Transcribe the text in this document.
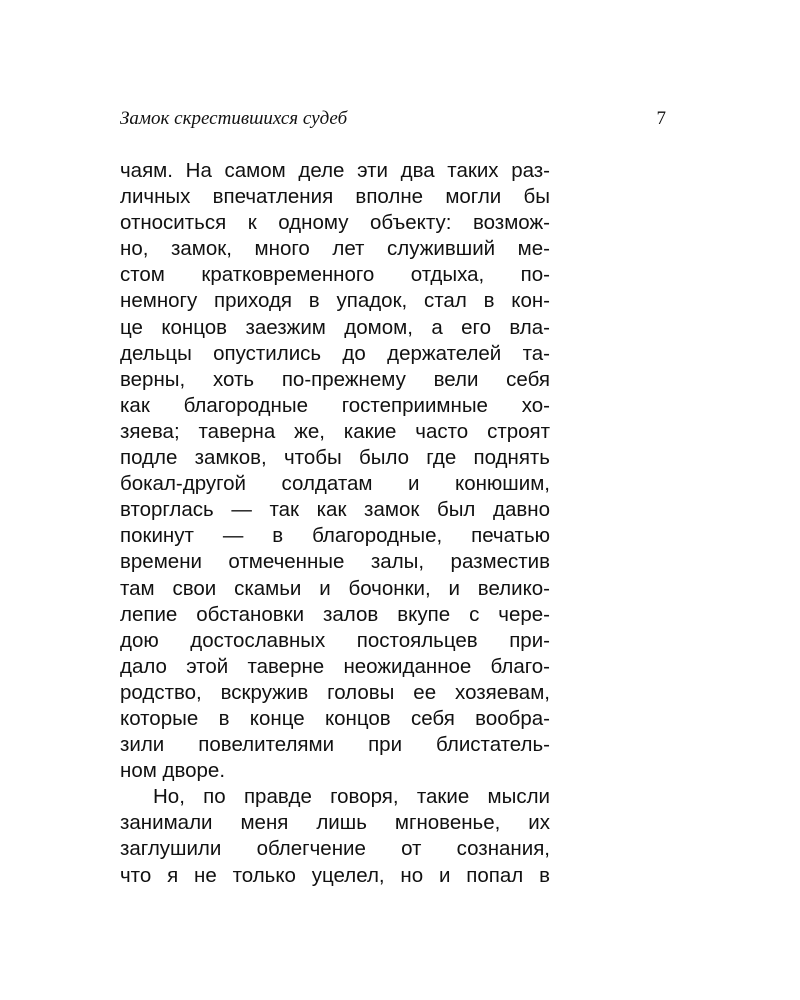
Замок скрестившихся судеб	7
чаям. На самом деле эти два таких раз-
личных впечатления вполне могли бы
относиться к одному объекту: возмож-
но, замок, много лет служивший ме-
стом кратковременного отдыха, по-
немногу приходя в упадок, стал в кон-
це концов заезжим домом, а его вла-
дельцы опустились до держателей та-
верны, хоть по-прежнему вели себя
как благородные гостеприимные хо-
зяева; таверна же, какие часто строят
подле замков, чтобы было где поднять
бокал-другой солдатам и конюшим,
вторглась — так как замок был давно
покинут — в благородные, печатью
времени отмеченные залы, разместив
там свои скамьи и бочонки, и велико-
лепие обстановки залов вкупе с чере-
дою достославных постояльцев при-
дало этой таверне неожиданное благо-
родство, вскружив головы ее хозяевам,
которые в конце концов себя вообра-
зили повелителями при блистатель-
ном дворе.
Но, по правде говоря, такие мысли
занимали меня лишь мгновенье, их
заглушили облегчение от сознания,
что я не только уцелел, но и попал в
